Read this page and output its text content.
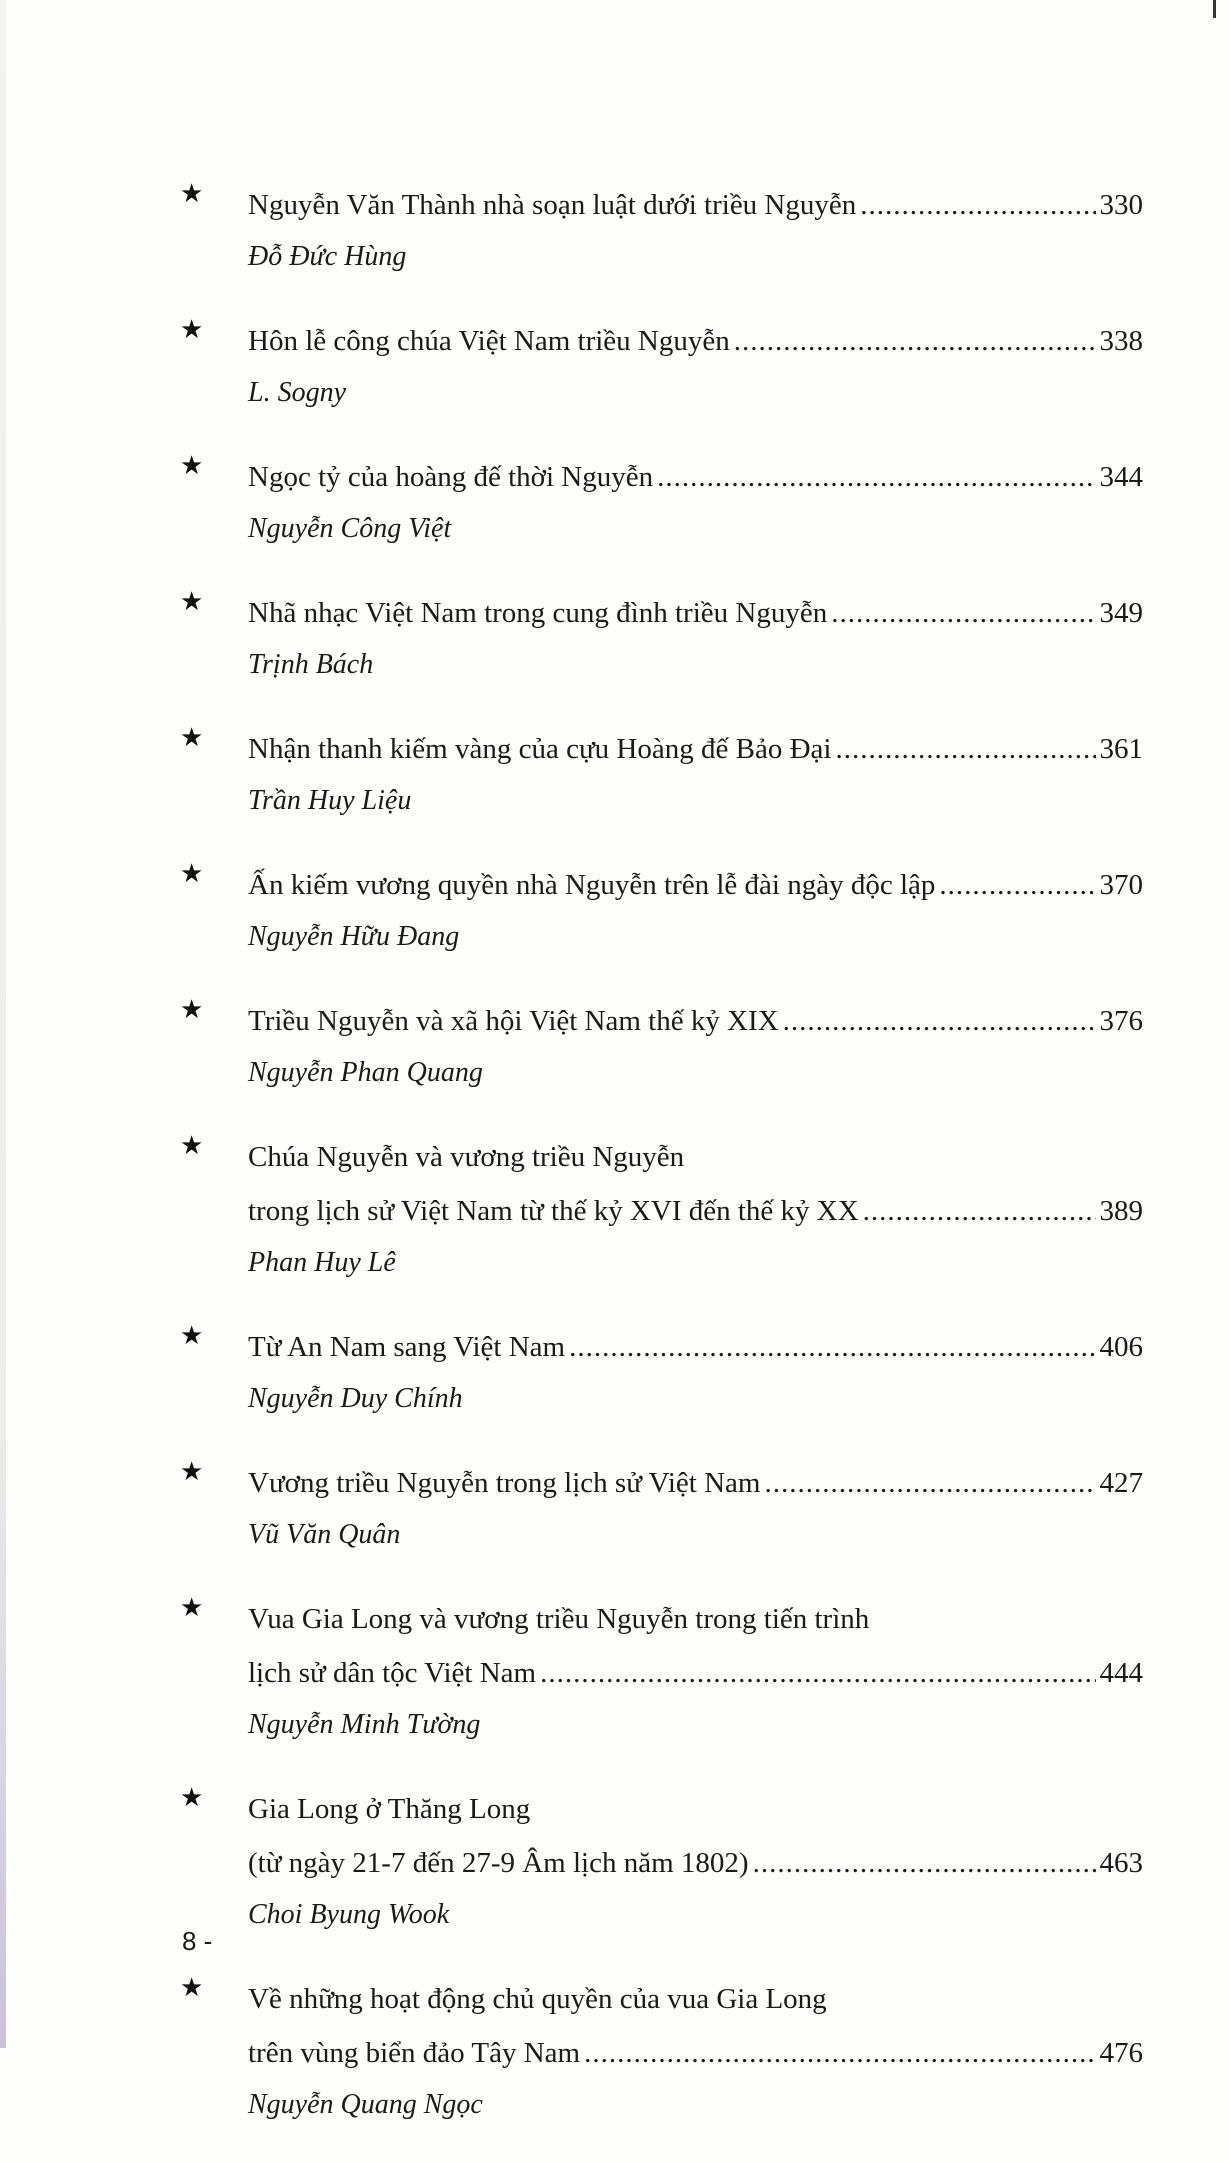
★ Nguyễn Văn Thành nhà soạn luật dưới triều Nguyễn .....	330
Đỗ Đức Hùng
★ Hôn lễ công chúa Việt Nam triều Nguyễn .....	338
L. Sogny
★ Ngọc tỷ của hoàng đế thời Nguyễn .....	344
Nguyễn Công Việt
★ Nhã nhạc Việt Nam trong cung đình triều Nguyễn .....	349
Trịnh Bách
★ Nhận thanh kiếm vàng của cựu Hoàng đế Bảo Đại .....	361
Trần Huy Liệu
★ Ấn kiếm vương quyền nhà Nguyễn trên lễ đài ngày độc lập .....	370
Nguyễn Hữu Đang
★ Triều Nguyễn và xã hội Việt Nam thế kỷ XIX .....	376
Nguyễn Phan Quang
★ Chúa Nguyễn và vương triều Nguyễn
trong lịch sử Việt Nam từ thế kỷ XVI đến thế kỷ XX .....	389
Phan Huy Lê
★ Từ An Nam sang Việt Nam .....	406
Nguyễn Duy Chính
★ Vương triều Nguyễn trong lịch sử Việt Nam .....	427
Vũ Văn Quân
★ Vua Gia Long và vương triều Nguyễn trong tiến trình
lịch sử dân tộc Việt Nam .....	444
Nguyễn Minh Tường
★ Gia Long ở Thăng Long
(từ ngày 21-7 đến 27-9 Âm lịch năm 1802) .....	463
Choi Byung Wook
★ Về những hoạt động chủ quyền của vua Gia Long
trên vùng biển đảo Tây Nam .....	476
Nguyễn Quang Ngọc
8 -
